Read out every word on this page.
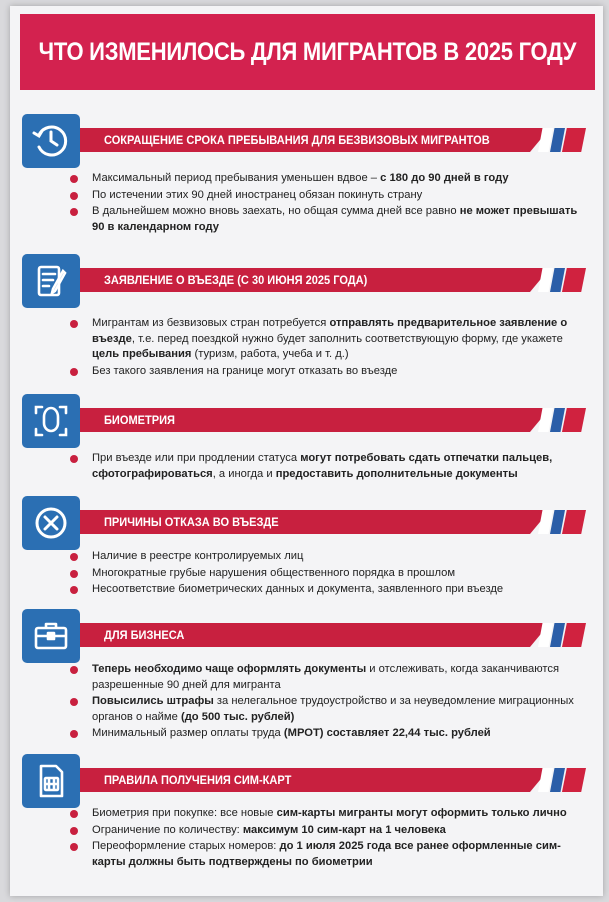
ЧТО ИЗМЕНИЛОСЬ ДЛЯ МИГРАНТОВ В 2025 ГОДУ
СОКРАЩЕНИЕ СРОКА ПРЕБЫВАНИЯ ДЛЯ БЕЗВИЗОВЫХ МИГРАНТОВ
Максимальный период пребывания уменьшен вдвое – с 180 до 90 дней в году
По истечении этих 90 дней иностранец обязан покинуть страну
В дальнейшем можно вновь заехать, но общая сумма дней все равно не может превышать 90 в календарном году
ЗАЯВЛЕНИЕ О ВЪЕЗДЕ (С 30 ИЮНЯ 2025 ГОДА)
Мигрантам из безвизовых стран потребуется отправлять предварительное заявление о въезде, т.е. перед поездкой нужно будет заполнить соответствующую форму, где укажете цель пребывания (туризм, работа, учеба и т. д.)
Без такого заявления на границе могут отказать во въезде
БИОМЕТРИЯ
При въезде или при продлении статуса могут потребовать сдать отпечатки пальцев, сфотографироваться, а иногда и предоставить дополнительные документы
ПРИЧИНЫ ОТКАЗА ВО ВЪЕЗДЕ
Наличие в реестре контролируемых лиц
Многократные грубые нарушения общественного порядка в прошлом
Несоответствие биометрических данных и документа, заявленного при въезде
ДЛЯ БИЗНЕСА
Теперь необходимо чаще оформлять документы и отслеживать, когда заканчиваются разрешенные 90 дней для мигранта
Повысились штрафы за нелегальное трудоустройство и за неуведомление миграционных органов о найме (до 500 тыс. рублей)
Минимальный размер оплаты труда (МРОТ) составляет 22,44 тыс. рублей
ПРАВИЛА ПОЛУЧЕНИЯ СИМ-КАРТ
Биометрия при покупке: все новые сим-карты мигранты могут оформить только лично
Ограничение по количеству: максимум 10 сим-карт на 1 человека
Переоформление старых номеров: до 1 июля 2025 года все ранее оформленные сим-карты должны быть подтверждены по биометрии
